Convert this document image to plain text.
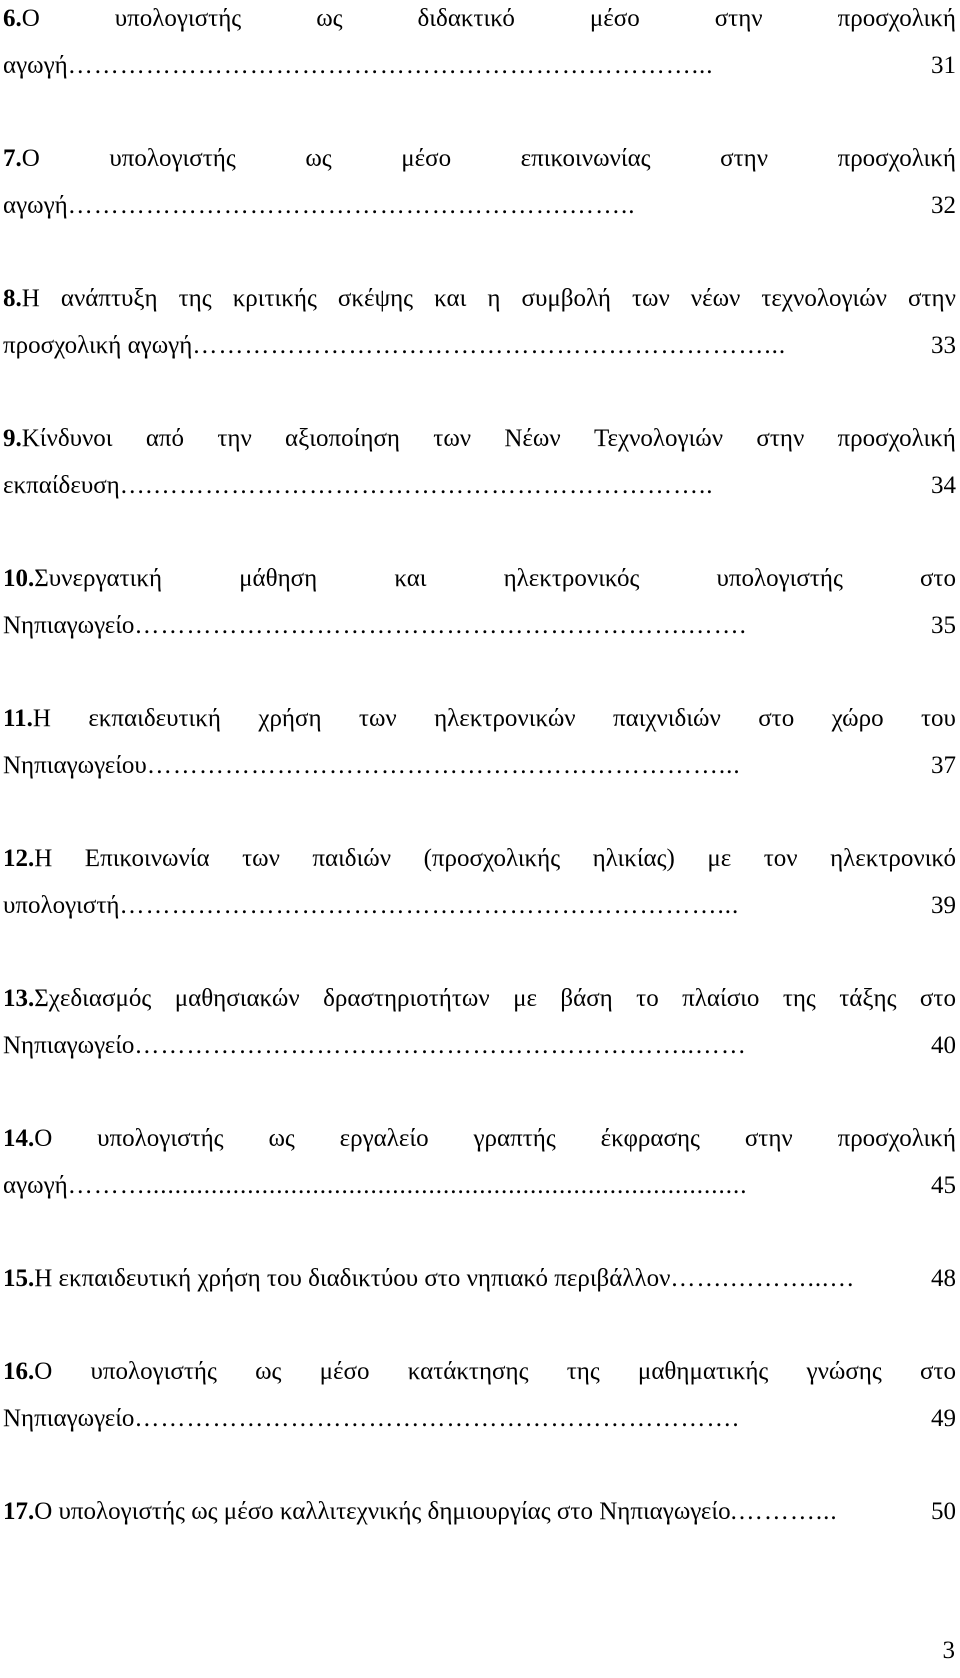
6.Ο	υπολογιστής	ως	διδακτικό	μέσο	στην	προσχολική
αγωγή ………………………………………………………………...	31
7.Ο	υπολογιστής	ως	μέσο	επικοινωνίας	στην	προσχολική
αγωγή ………………………………………………….……..	32
8.Η ανάπτυξη της κριτικής σκέψης και η συμβολή των νέων τεχνολογιών στην
προσχολική αγωγή …………………………………………………………...	33
9.Κίνδυνοι από την αξιοποίηση των Νέων Τεχνολογιών στην προσχολική
εκπαίδευση ….………………………………………………………..	34
10.Συνεργατική	μάθηση	και	ηλεκτρονικός	υπολογιστής	στο
Νηπιαγωγείο ……………………………………………………….…….	35
11.Η εκπαιδευτική χρήση των ηλεκτρονικών παιχνιδιών στο χώρο του
Νηπιαγωγείου …………………………………………………………...	37
12.Η Επικοινωνία των παιδιών (προσχολικής ηλικίας) με τον ηλεκτρονικό
υπολογιστή ……………………………………………………………...	39
13.Σχεδιασμός μαθησιακών δραστηριοτήτων με βάση το πλαίσιο της τάξης στο
Νηπιαγωγείο ………………………………………………………..……	40
14.Ο υπολογιστής ως εργαλείο γραπτής έκφρασης στην προσχολική
αγωγή ………...................................................................................	45
15. Η εκπαιδευτική χρήση του διαδικτύου στο νηπιακό περιβάλλον …….………...…	48
16.Ο υπολογιστής ως μέσο κατάκτησης της μαθηματικής γνώσης στο
Νηπιαγωγείο …………………………………………………………….	49
17. Ο υπολογιστής ως μέσο καλλιτεχνικής δημιουργίας στο Νηπιαγωγείο .………...	50
3
